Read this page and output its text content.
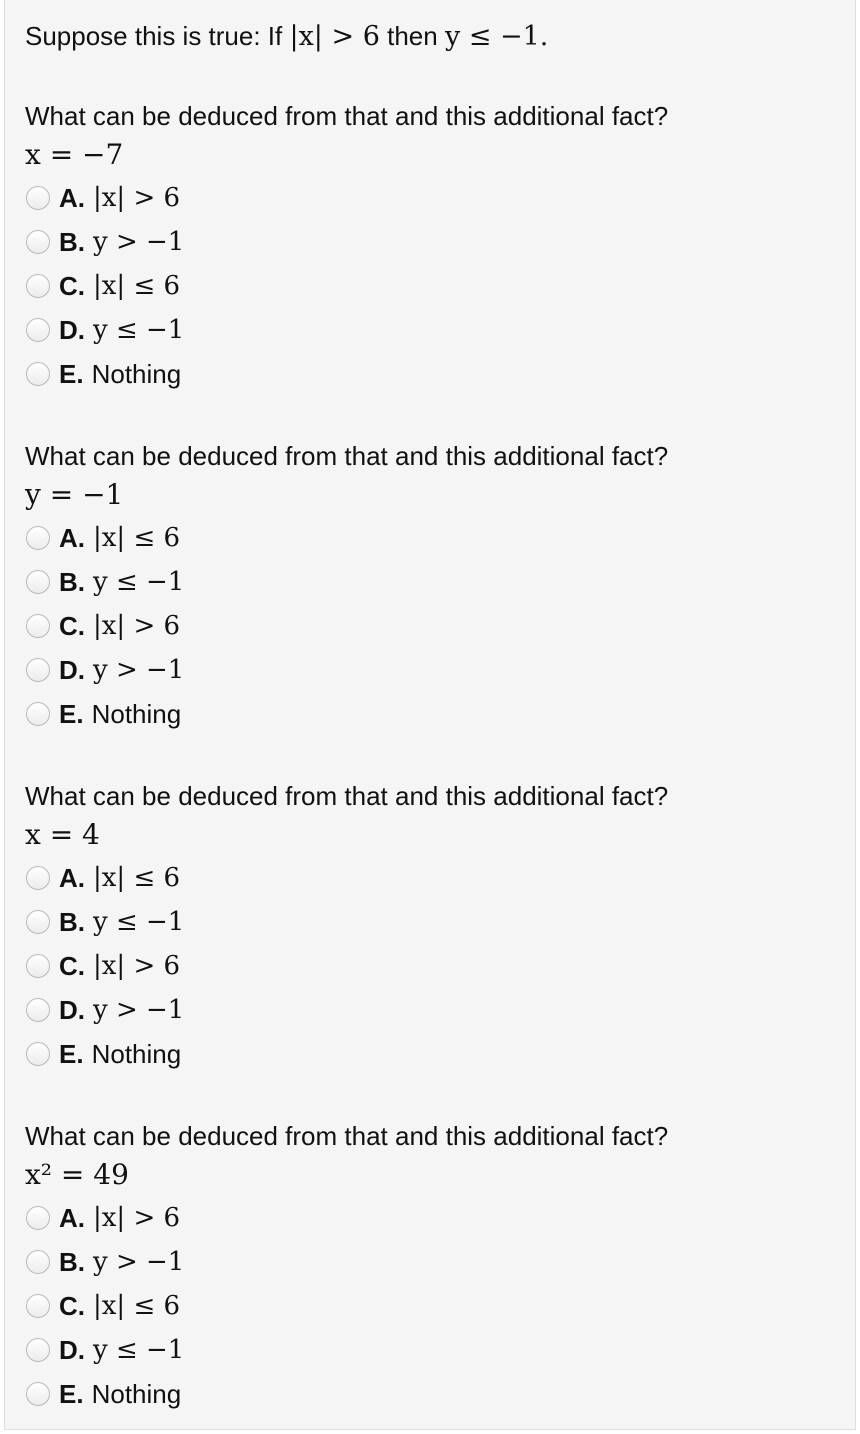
Suppose this is true: If |x| > 6 then y ≤ −1.
What can be deduced from that and this additional fact?
x = −7
A. |x| > 6
B. y > −1
C. |x| ≤ 6
D. y ≤ −1
E. Nothing
What can be deduced from that and this additional fact?
y = −1
A. |x| ≤ 6
B. y ≤ −1
C. |x| > 6
D. y > −1
E. Nothing
What can be deduced from that and this additional fact?
x = 4
A. |x| ≤ 6
B. y ≤ −1
C. |x| > 6
D. y > −1
E. Nothing
What can be deduced from that and this additional fact?
x² = 49
A. |x| > 6
B. y > −1
C. |x| ≤ 6
D. y ≤ −1
E. Nothing
